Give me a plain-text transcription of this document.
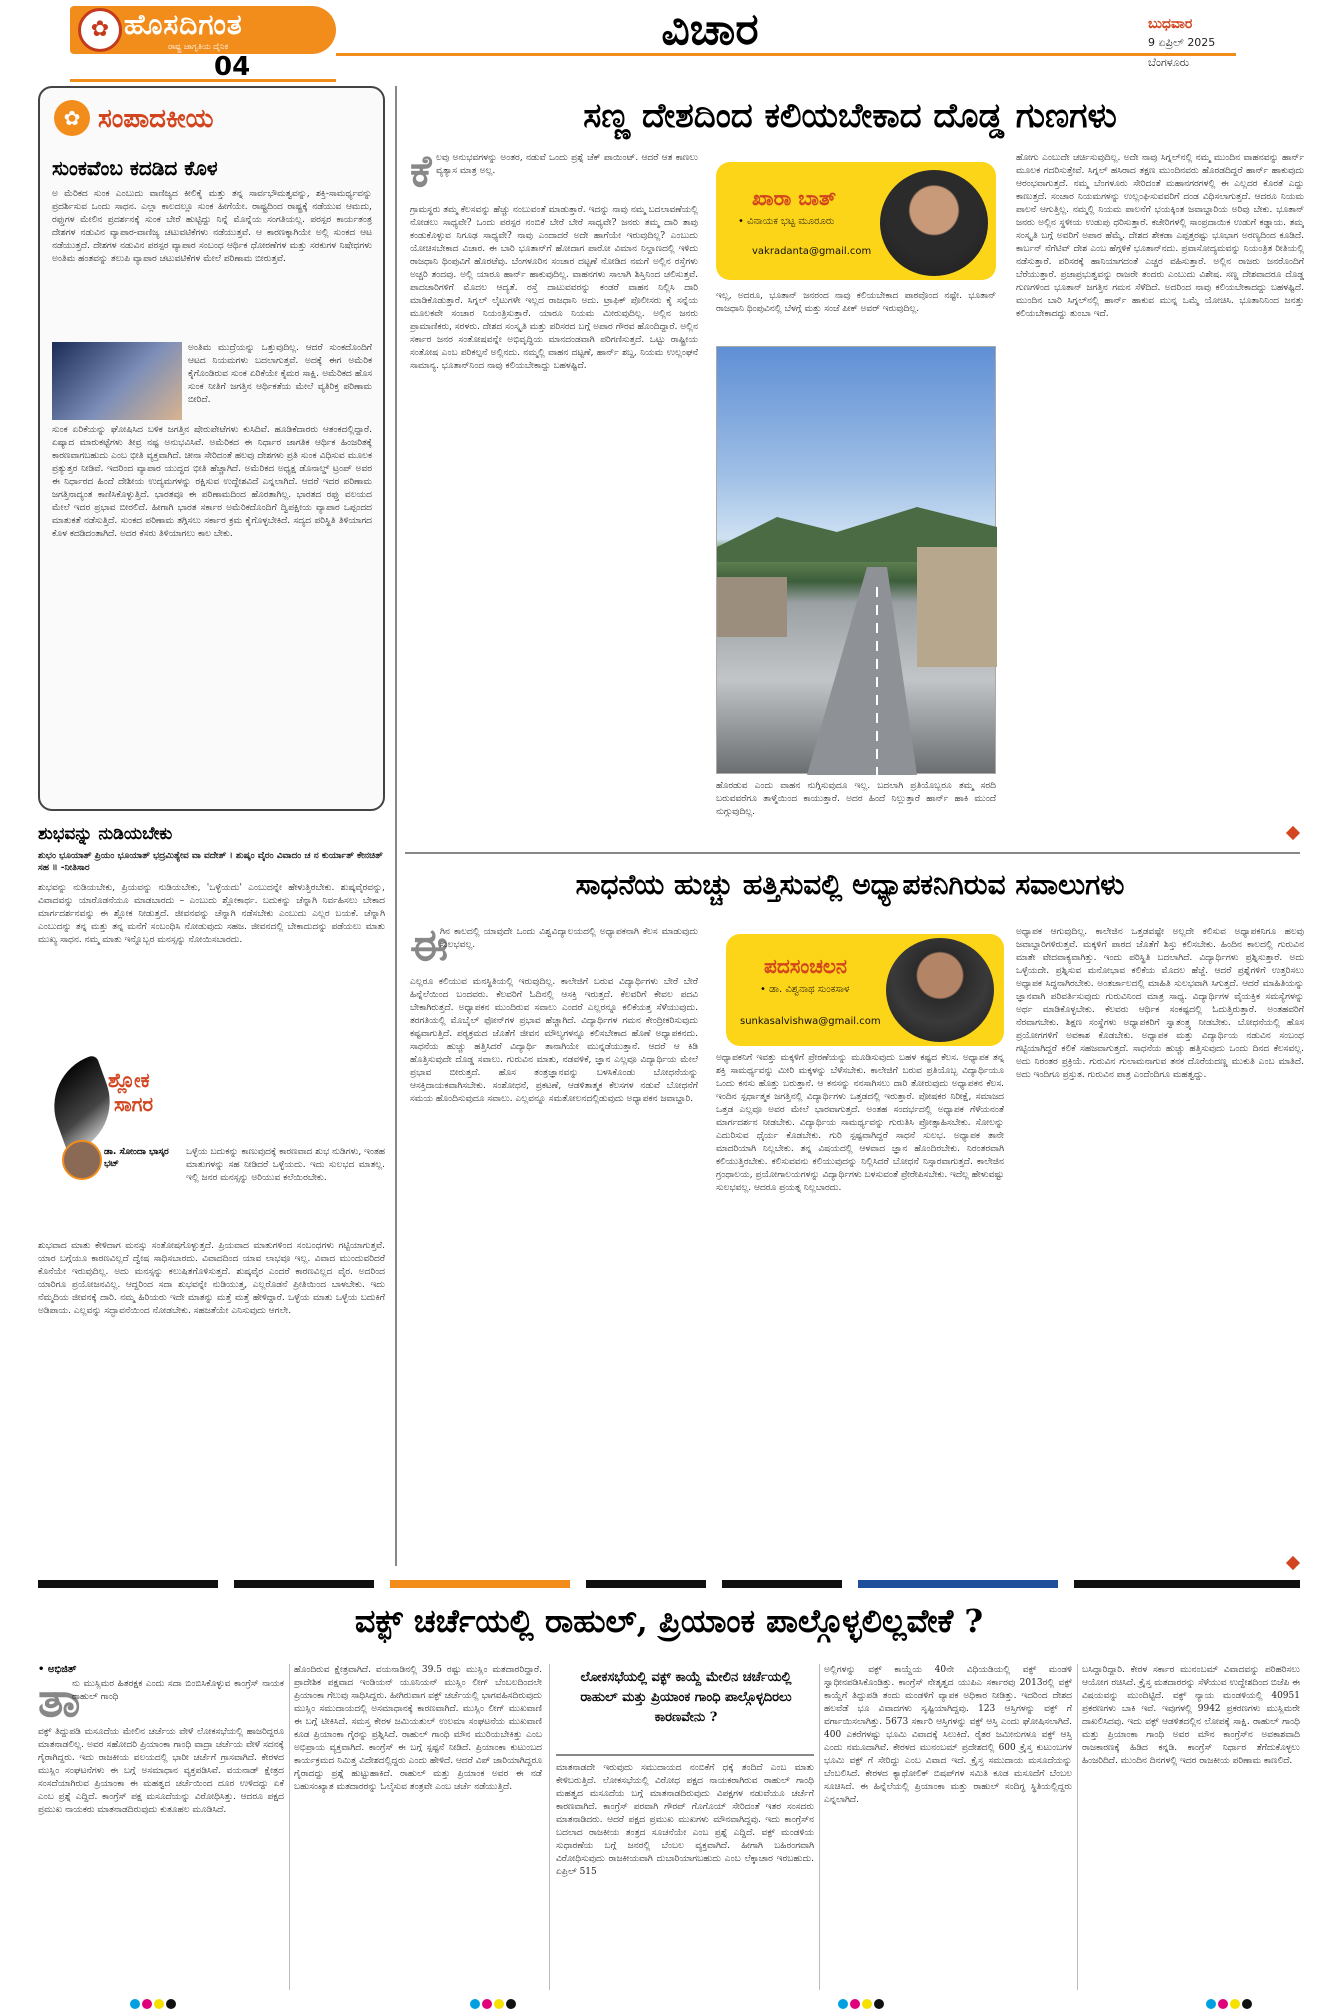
✿ ಹೊಸದಿಗಂತ
ರಾಷ್ಟ್ರ ಜಾಗೃತಿಯ ದೈನಿಕ
04
ವಿಚಾರ	ಬುಧವಾರ
9 ಏಪ್ರಿಲ್ 2025
ಬೆಂಗಳೂರು
✿ ಸಂಪಾದಕೀಯ
ಸುಂಕವೆಂಬ ಕದಡಿದ ಕೊಳ
ಅ ಮೆರಿಕದ ಸುಂಕ ಎಂಬುದು ವಾಣಿಜ್ಯದ ಕೀಲಿಕೈ ಮತ್ತು ತನ್ನ ಸಾರ್ವಭೌಮತ್ವವನ್ನು, ಶಕ್ತಿ-ಸಾಮರ್ಥ್ಯವನ್ನು ಪ್ರದರ್ಶಿಸುವ ಒಂದು ಸಾಧನ. ಎಲ್ಲಾ ಕಾಲದಲ್ಲೂ ಸುಂಕ ಹೀಗೆಯೇ. ರಾಷ್ಟ್ರದಿಂದ ರಾಷ್ಟ್ರಕ್ಕೆ ನಡೆಯುವ ಆಮದು, ರಫ್ತುಗಳ ಮೇಲಿನ ಪ್ರದರ್ಶನಕ್ಕೆ ಸುಂಕ ಬೇರೆ ಹುಟ್ಟಿದ್ದು ನಿನ್ನೆ ಮೊನ್ನೆಯ ಸಂಗತಿಯಲ್ಲ. ಪರಸ್ಪರ ಕಾರ್ಯತಂತ್ರ ದೇಶಗಳ ನಡುವಿನ ವ್ಯಾಪಾರ-ವಾಣಿಜ್ಯ ಚಟುವಟಿಕೆಗಳು ನಡೆಯುತ್ತವೆ. ಆ ಕಾರಣಕ್ಕಾಗಿಯೇ ಅಲ್ಲಿ ಸುಂಕದ ಆಟ ನಡೆಯುತ್ತದೆ. ದೇಶಗಳ ನಡುವಿನ ಪರಸ್ಪರ ವ್ಯಾಪಾರ ಸಂಬಂಧ ಆರ್ಥಿಕ ಧೋರಣೆಗಳ ಮತ್ತು ಸರಕುಗಳ ನಿಷೇಧಗಳು ಅಂತಿಮ ಹಂತವನ್ನು ತಲುಪಿ ವ್ಯಾಪಾರ ಚಟುವಟಿಕೆಗಳ ಮೇಲೆ ಪರಿಣಾಮ ಬೀರುತ್ತವೆ.
ಅಂತಿಮ ಮುದ್ರೆಯನ್ನು ಒತ್ತುವುದಿಲ್ಲ. ಆದರೆ ಸುಂಕದೊಂದಿಗೆ ಆಟದ ನಿಯಮಗಳು ಬದಲಾಗುತ್ತವೆ. ಅದಕ್ಕೆ ಈಗ ಅಮೆರಿಕ ಕೈಗೊಂಡಿರುವ ಸುಂಕ ಏರಿಕೆಯೇ ಕೈಮರ ಸಾಕ್ಷಿ. ಅಮೆರಿಕದ ಹೊಸ ಸುಂಕ ನೀತಿಗೆ ಜಗತ್ತಿನ ಆರ್ಥಿಕತೆಯ ಮೇಲೆ ವ್ಯತಿರಿಕ್ತ ಪರಿಣಾಮ ಬೀರಿದೆ.
ಸುಂಕ ಏರಿಕೆಯನ್ನು ಘೋಷಿಸಿದ ಬಳಿಕ ಜಗತ್ತಿನ ಷೇರುಪೇಟೆಗಳು ಕುಸಿದಿವೆ. ಹೂಡಿಕೆದಾರರು ಆತಂಕದಲ್ಲಿದ್ದಾರೆ. ಏಷ್ಯಾದ ಮಾರುಕಟ್ಟೆಗಳು ತೀವ್ರ ನಷ್ಟ ಅನುಭವಿಸಿವೆ. ಅಮೆರಿಕದ ಈ ನಿರ್ಧಾರ ಜಾಗತಿಕ ಆರ್ಥಿಕ ಹಿಂಜರಿತಕ್ಕೆ ಕಾರಣವಾಗಬಹುದು ಎಂಬ ಭೀತಿ ವ್ಯಕ್ತವಾಗಿದೆ. ಚೀನಾ ಸೇರಿದಂತೆ ಹಲವು ದೇಶಗಳು ಪ್ರತಿ ಸುಂಕ ವಿಧಿಸುವ ಮೂಲಕ ಪ್ರತ್ಯುತ್ತರ ನೀಡಿವೆ. ಇದರಿಂದ ವ್ಯಾಪಾರ ಯುದ್ಧದ ಭೀತಿ ಹೆಚ್ಚಾಗಿದೆ. ಅಮೆರಿಕದ ಅಧ್ಯಕ್ಷ ಡೊನಾಲ್ಡ್ ಟ್ರಂಪ್ ಅವರ ಈ ನಿರ್ಧಾರದ ಹಿಂದೆ ದೇಶೀಯ ಉದ್ಯಮಗಳನ್ನು ರಕ್ಷಿಸುವ ಉದ್ದೇಶವಿದೆ ಎನ್ನಲಾಗಿದೆ. ಆದರೆ ಇದರ ಪರಿಣಾಮ ಜಗತ್ತಿನಾದ್ಯಂತ ಕಾಣಿಸಿಕೊಳ್ಳುತ್ತಿದೆ. ಭಾರತವೂ ಈ ಪರಿಣಾಮದಿಂದ ಹೊರತಾಗಿಲ್ಲ. ಭಾರತದ ರಫ್ತು ವಲಯದ ಮೇಲೆ ಇದರ ಪ್ರಭಾವ ಬೀರಲಿದೆ. ಹೀಗಾಗಿ ಭಾರತ ಸರ್ಕಾರ ಅಮೆರಿಕದೊಂದಿಗೆ ದ್ವಿಪಕ್ಷೀಯ ವ್ಯಾಪಾರ ಒಪ್ಪಂದದ ಮಾತುಕತೆ ನಡೆಸುತ್ತಿದೆ. ಸುಂಕದ ಪರಿಣಾಮ ತಗ್ಗಿಸಲು ಸರ್ಕಾರ ಕ್ರಮ ಕೈಗೊಳ್ಳಬೇಕಿದೆ. ಸದ್ಯದ ಪರಿಸ್ಥಿತಿ ತಿಳಿಯಾಗದ ಕೊಳ ಕದಡಿದಂತಾಗಿದೆ. ಅದರ ಕೆಸರು ತಿಳಿಯಾಗಲು ಕಾಲ ಬೇಕು.
ಶುಭವನ್ನು ನುಡಿಯಬೇಕು
ಶುಭಂ ಭೂಯಾತ್ ಪ್ರಿಯಂ ಭೂಯಾತ್ ಭದ್ರಮಿತ್ಯೇವ ವಾ ವದೇತ್ । ಶುಷ್ಕಂ ವೈರಂ ವಿವಾದಂ ಚ ನ ಕುರ್ಯಾತ್ ಕೇನಚಿತ್ ಸಹ ॥ -ನೀತಿಸಾರ
ಶುಭವನ್ನು ನುಡಿಯಬೇಕು, ಪ್ರಿಯವನ್ನು ನುಡಿಯಬೇಕು, 'ಒಳ್ಳೆಯದು' ಎಂಬುದನ್ನೇ ಹೇಳುತ್ತಿರಬೇಕು. ಶುಷ್ಕವೈರವನ್ನು, ವಿವಾದವನ್ನು ಯಾರೊಡನೆಯೂ ಮಾಡಬಾರದು – ಎಂಬುದು ಶ್ಲೋಕಾರ್ಥ. ಬದುಕನ್ನು ಚೆನ್ನಾಗಿ ನಿರ್ವಹಿಸಲು ಬೇಕಾದ ಮಾರ್ಗದರ್ಶನವನ್ನು ಈ ಶ್ಲೋಕ ನೀಡುತ್ತದೆ. ಜೀವನವನ್ನು ಚೆನ್ನಾಗಿ ನಡೆಸಬೇಕು ಎಂಬುದು ಎಲ್ಲರ ಬಯಕೆ. ಚೆನ್ನಾಗಿ ಎಂಬುದನ್ನು ತನ್ನ ಮತ್ತು ತನ್ನ ಮನೆಗೆ ಸಂಬಂಧಿಸಿ ನೋಡುವುದು ಸಹಜ. ಜೀವನದಲ್ಲಿ ಬೇಕಾದುದನ್ನು ಪಡೆಯಲು ಮಾತು ಮುಖ್ಯ ಸಾಧನ. ನಮ್ಮ ಮಾತು ಇನ್ನೊಬ್ಬರ ಮನಸ್ಸನ್ನು ನೋಯಿಸಬಾರದು.
ಶ್ಲೋಕ
ಸಾಗರ
ಡಾ. ಸೋಂದಾ ಭಾಸ್ಕರ ಭಟ್
ಒಳ್ಳೆಯ ಬದುಕನ್ನು ಕಾಣುವುದಕ್ಕೆ ಕಾರಣವಾದ ಶುಭ ನುಡಿಗಳು, ಇಂತಹ ಮಾತುಗಳನ್ನು ಸಹ ನೀಡಿದರೆ ಒಳ್ಳೆಯದು. ಇದು ಸುಲಭದ ಮಾತಲ್ಲ. ಇಲ್ಲಿ ಜನರ ಮನಸ್ಸನ್ನು ಅರಿಯುವ ಕಲೆಯಿರಬೇಕು.
ಶುಭವಾದ ಮಾತು ಕೇಳಿದಾಗ ಮನಸ್ಸು ಸಂತೋಷಗೊಳ್ಳುತ್ತದೆ. ಪ್ರಿಯವಾದ ಮಾತುಗಳಿಂದ ಸಂಬಂಧಗಳು ಗಟ್ಟಿಯಾಗುತ್ತವೆ. ಯಾರ ಬಗ್ಗೆಯೂ ಕಾರಣವಿಲ್ಲದೆ ದ್ವೇಷ ಸಾಧಿಸಬಾರದು. ವಿವಾದದಿಂದ ಯಾವ ಲಾಭವೂ ಇಲ್ಲ. ವಿವಾದ ಮುಂದುವರಿದರೆ ಕೊನೆಯೇ ಇರುವುದಿಲ್ಲ. ಅದು ಮನಸ್ಸನ್ನು ಕಲುಷಿತಗೊಳಿಸುತ್ತದೆ. ಶುಷ್ಕವೈರ ಎಂದರೆ ಕಾರಣವಿಲ್ಲದ ವೈರ. ಅದರಿಂದ ಯಾರಿಗೂ ಪ್ರಯೋಜನವಿಲ್ಲ. ಆದ್ದರಿಂದ ಸದಾ ಶುಭವನ್ನೇ ನುಡಿಯುತ್ತ, ಎಲ್ಲರೊಡನೆ ಪ್ರೀತಿಯಿಂದ ಬಾಳಬೇಕು. ಇದು ನೆಮ್ಮದಿಯ ಜೀವನಕ್ಕೆ ದಾರಿ. ನಮ್ಮ ಹಿರಿಯರು ಇದೇ ಮಾತನ್ನು ಮತ್ತೆ ಮತ್ತೆ ಹೇಳಿದ್ದಾರೆ. ಒಳ್ಳೆಯ ಮಾತು ಒಳ್ಳೆಯ ಬದುಕಿಗೆ ಅಡಿಪಾಯ. ಎಲ್ಲವನ್ನು ಸದ್ಭಾವನೆಯಿಂದ ನೋಡಬೇಕು. ಸಹಜತೆಯೇ ಎನಿಸುವುದು ಆಗಲೇ.
ಸಣ್ಣ ದೇಶದಿಂದ ಕಲಿಯಬೇಕಾದ ದೊಡ್ಡ ಗುಣಗಳು
ಕೆ ಲವು ಅನುಭವಗಳನ್ನು ಅಂತರ, ನಡುವೆ ಒಂದು ಪ್ರಶ್ನೆ ಚೆಕ್ ಪಾಯಿಂಟ್. ಆದರೆ ಆತ ಕಾಣಲು ವ್ಯತ್ಯಾಸ ಮಾತ್ರ ಅಲ್ಲ.
ಗ್ರಾಮಸ್ಥರು ತಮ್ಮ ಕೆಲಸವನ್ನು ಹೆಚ್ಚು ನಂಬುವಂತೆ ಮಾಡುತ್ತಾರೆ. ಇದನ್ನು ನಾವು ನಮ್ಮ ಬದಲಾವಣೆಯಲ್ಲಿ ನೋಡಲು ಸಾಧ್ಯವೇ? ಒಂದು ಪರಸ್ಪರ ನಂಬಿಕೆ ಬೇರೆ ಬೇರೆ ಸಾಧ್ಯವೇ? ಜನರು ತಮ್ಮ ದಾರಿ ತಾವು ಕಂಡುಕೊಳ್ಳುವ ನಿಗೂಢ ಸಾಧ್ಯವೇ? ನಾವು ಎಂದಾದರೆ ಅದೇ ಹಾಗೆಯೇ ಇರುವುದಿಲ್ಲ? ಎಂಬುದು ಯೋಚಿಸಬೇಕಾದ ವಿಚಾರ. ಈ ಬಾರಿ ಭೂತಾನ್‌ಗೆ ಹೋದಾಗ ಪಾರೋ ವಿಮಾನ ನಿಲ್ದಾಣದಲ್ಲಿ ಇಳಿದು ರಾಜಧಾನಿ ಥಿಂಪುವಿಗೆ ಹೊರಟೆವು. ಬೆಂಗಳೂರಿನ ಸಂಚಾರ ದಟ್ಟಣೆ ನೋಡಿದ ನಮಗೆ ಅಲ್ಲಿನ ರಸ್ತೆಗಳು ಅಚ್ಚರಿ ತಂದವು. ಅಲ್ಲಿ ಯಾರೂ ಹಾರ್ನ್ ಹಾಕುವುದಿಲ್ಲ. ವಾಹನಗಳು ಸಾಲಾಗಿ ಶಿಸ್ತಿನಿಂದ ಚಲಿಸುತ್ತವೆ. ಪಾದಚಾರಿಗಳಿಗೆ ಮೊದಲ ಆದ್ಯತೆ. ರಸ್ತೆ ದಾಟುವವರನ್ನು ಕಂಡರೆ ವಾಹನ ನಿಲ್ಲಿಸಿ ದಾರಿ ಮಾಡಿಕೊಡುತ್ತಾರೆ. ಸಿಗ್ನಲ್ ಲೈಟುಗಳೇ ಇಲ್ಲದ ರಾಜಧಾನಿ ಅದು. ಟ್ರಾಫಿಕ್ ಪೊಲೀಸರು ಕೈ ಸನ್ನೆಯ ಮೂಲಕವೇ ಸಂಚಾರ ನಿಯಂತ್ರಿಸುತ್ತಾರೆ. ಯಾರೂ ನಿಯಮ ಮೀರುವುದಿಲ್ಲ. ಅಲ್ಲಿನ ಜನರು ಪ್ರಾಮಾಣಿಕರು, ಸರಳರು. ದೇಶದ ಸಂಸ್ಕೃತಿ ಮತ್ತು ಪರಿಸರದ ಬಗ್ಗೆ ಅಪಾರ ಗೌರವ ಹೊಂದಿದ್ದಾರೆ. ಅಲ್ಲಿನ ಸರ್ಕಾರ ಜನರ ಸಂತೋಷವನ್ನೇ ಅಭಿವೃದ್ಧಿಯ ಮಾನದಂಡವಾಗಿ ಪರಿಗಣಿಸುತ್ತದೆ. ಒಟ್ಟು ರಾಷ್ಟ್ರೀಯ ಸಂತೋಷ ಎಂಬ ಪರಿಕಲ್ಪನೆ ಅಲ್ಲಿನದು. ನಮ್ಮಲ್ಲಿ ವಾಹನ ದಟ್ಟಣೆ, ಹಾರ್ನ್ ಶಬ್ದ, ನಿಯಮ ಉಲ್ಲಂಘನೆ ಸಾಮಾನ್ಯ. ಭೂತಾನ್‌ನಿಂದ ನಾವು ಕಲಿಯಬೇಕಾದ್ದು ಬಹಳಷ್ಟಿದೆ.
ಖಾರಾ ಬಾತ್
• ವಿನಾಯಕ ಭಟ್ಟ ಮೂರೂರು
vakradanta@gmail.com
ಇಲ್ಲ, ಅದರೂ, ಭೂತಾನ್ ಜನರಂದ ನಾವು ಕಲಿಯಬೇಕಾದ ಪಾಠವೊಂದ ನಷ್ಟೇ. ಭೂತಾನ್ ರಾಜಧಾನಿ ಥಿಂಪುವಿನಲ್ಲಿ ಬೆಳಗ್ಗೆ ಮತ್ತು ಸಂಜೆ ಪೀಕ್ ಅವರ್ ಇರುವುದಿಲ್ಲ.
ಹೊರಡುವ ಎಂದು ವಾಹನ ನುಗ್ಗಿಸುವುದೂ ಇಲ್ಲ. ಬದಲಾಗಿ ಪ್ರತಿಯೊಬ್ಬರೂ ತಮ್ಮ ಸರದಿ ಬರುವವರೆಗೂ ತಾಳ್ಮೆಯಿಂದ ಕಾಯುತ್ತಾರೆ. ಅದರ ಹಿಂದೆ ನಿಲ್ಲುತ್ತಾರೆ ಹಾರ್ನ್ ಹಾಕಿ ಮುಂದೆ ನುಗ್ಗುವುದಿಲ್ಲ.
ಹೋಗು ಎಂಬುದೇ ಚರ್ಚಿಸುವುದಿಲ್ಲ. ಅದೇ ನಾವು ಸಿಗ್ನಲ್‌ನಲ್ಲಿ ನಮ್ಮ ಮುಂದಿನ ವಾಹನವನ್ನು ಹಾರ್ನ್ ಮೂಲಕ ಗದರಿಸುತ್ತೇವೆ. ಸಿಗ್ನಲ್ ಹಸಿರಾದ ತಕ್ಷಣ ಮುಂದಿನವರು ಹೊರಡದಿದ್ದರೆ ಹಾರ್ನ್ ಹಾಕುವುದು ಆರಂಭವಾಗುತ್ತದೆ. ನಮ್ಮ ಬೆಂಗಳೂರು ಸೇರಿದಂತೆ ಮಹಾನಗರಗಳಲ್ಲಿ ಈ ಎಲ್ಲದರ ಕೊರತೆ ಎದ್ದು ಕಾಣುತ್ತದೆ. ಸಂಚಾರ ನಿಯಮಗಳನ್ನು ಉಲ್ಲಂಘಿಸುವವರಿಗೆ ದಂಡ ವಿಧಿಸಲಾಗುತ್ತದೆ. ಆದರೂ ನಿಯಮ ಪಾಲನೆ ಆಗುತ್ತಿಲ್ಲ. ನಮ್ಮಲ್ಲಿ ನಿಯಮ ಪಾಲನೆಗೆ ಭಯಕ್ಕಿಂತ ಜವಾಬ್ದಾರಿಯ ಅರಿವು ಬೇಕು. ಭೂತಾನ್ ಜನರು ಅಲ್ಲಿನ ಸ್ಥಳೀಯ ಉಡುಪು ಧರಿಸುತ್ತಾರೆ. ಕಚೇರಿಗಳಲ್ಲಿ ಸಾಂಪ್ರದಾಯಿಕ ಉಡುಗೆ ಕಡ್ಡಾಯ. ತಮ್ಮ ಸಂಸ್ಕೃತಿ ಬಗ್ಗೆ ಅವರಿಗೆ ಅಪಾರ ಹೆಮ್ಮೆ. ದೇಶದ ಶೇಕಡಾ ಎಪ್ಪತ್ತರಷ್ಟು ಭೂಭಾಗ ಅರಣ್ಯದಿಂದ ಕೂಡಿದೆ. ಕಾರ್ಬನ್ ನೆಗೆಟಿವ್ ದೇಶ ಎಂಬ ಹೆಗ್ಗಳಿಕೆ ಭೂತಾನ್‌ನದು. ಪ್ರವಾಸೋದ್ಯಮವನ್ನು ನಿಯಂತ್ರಿತ ರೀತಿಯಲ್ಲಿ ನಡೆಸುತ್ತಾರೆ. ಪರಿಸರಕ್ಕೆ ಹಾನಿಯಾಗದಂತೆ ಎಚ್ಚರ ವಹಿಸುತ್ತಾರೆ. ಅಲ್ಲಿನ ರಾಜರು ಜನರೊಂದಿಗೆ ಬೆರೆಯುತ್ತಾರೆ. ಪ್ರಜಾಪ್ರಭುತ್ವವನ್ನು ರಾಜರೇ ತಂದರು ಎಂಬುದು ವಿಶೇಷ. ಸಣ್ಣ ದೇಶವಾದರೂ ದೊಡ್ಡ ಗುಣಗಳಿಂದ ಭೂತಾನ್ ಜಗತ್ತಿನ ಗಮನ ಸೆಳೆದಿದೆ. ಅದರಿಂದ ನಾವು ಕಲಿಯಬೇಕಾದದ್ದು ಬಹಳಷ್ಟಿದೆ. ಮುಂದಿನ ಬಾರಿ ಸಿಗ್ನಲ್‌ನಲ್ಲಿ ಹಾರ್ನ್ ಹಾಕುವ ಮುನ್ನ ಒಮ್ಮೆ ಯೋಚಿಸಿ. ಭೂತಾನಿನಿಂದ ಜನತ್ತು ಕಲಿಯಬೇಕಾದದ್ದು ತುಂಬಾ ಇದೆ.
ಸಾಧನೆಯ ಹುಚ್ಚು ಹತ್ತಿಸುವಲ್ಲಿ ಅಧ್ಯಾಪಕನಿಗಿರುವ ಸವಾಲುಗಳು
ಈ
ಗಿನ ಕಾಲದಲ್ಲಿ ಯಾವುದೇ ಒಂದು ವಿಶ್ವವಿದ್ಯಾಲಯದಲ್ಲಿ ಅಧ್ಯಾಪಕನಾಗಿ ಕೆಲಸ ಮಾಡುವುದು ಸುಲಭವಲ್ಲ.
ಎಲ್ಲರೂ ಕಲಿಯುವ ಮನಸ್ಥಿತಿಯಲ್ಲಿ ಇರುವುದಿಲ್ಲ. ಕಾಲೇಜಿಗೆ ಬರುವ ವಿದ್ಯಾರ್ಥಿಗಳು ಬೇರೆ ಬೇರೆ ಹಿನ್ನೆಲೆಯಿಂದ ಬಂದವರು. ಕೆಲವರಿಗೆ ಓದಿನಲ್ಲಿ ಆಸಕ್ತಿ ಇರುತ್ತದೆ. ಕೆಲವರಿಗೆ ಕೇವಲ ಪದವಿ ಬೇಕಾಗಿರುತ್ತದೆ. ಅಧ್ಯಾಪಕನ ಮುಂದಿರುವ ಸವಾಲು ಎಂದರೆ ಎಲ್ಲರನ್ನೂ ಕಲಿಕೆಯತ್ತ ಸೆಳೆಯುವುದು. ತರಗತಿಯಲ್ಲಿ ಮೊಬೈಲ್ ಫೋನ್‌ಗಳ ಪ್ರಭಾವ ಹೆಚ್ಚಾಗಿದೆ. ವಿದ್ಯಾರ್ಥಿಗಳ ಗಮನ ಕೇಂದ್ರೀಕರಿಸುವುದು ಕಷ್ಟವಾಗುತ್ತಿದೆ. ಪಠ್ಯಕ್ರಮದ ಜೊತೆಗೆ ಜೀವನ ಮೌಲ್ಯಗಳನ್ನೂ ಕಲಿಸಬೇಕಾದ ಹೊಣೆ ಅಧ್ಯಾಪಕನದು. ಸಾಧನೆಯ ಹುಚ್ಚು ಹತ್ತಿಸಿದರೆ ವಿದ್ಯಾರ್ಥಿ ತಾನಾಗಿಯೇ ಮುನ್ನಡೆಯುತ್ತಾನೆ. ಆದರೆ ಆ ಕಿಡಿ ಹೊತ್ತಿಸುವುದೇ ದೊಡ್ಡ ಸವಾಲು. ಗುರುವಿನ ಮಾತು, ನಡವಳಿಕೆ, ಜ್ಞಾನ ಎಲ್ಲವೂ ವಿದ್ಯಾರ್ಥಿಯ ಮೇಲೆ ಪ್ರಭಾವ ಬೀರುತ್ತದೆ. ಹೊಸ ತಂತ್ರಜ್ಞಾನವನ್ನು ಬಳಸಿಕೊಂಡು ಬೋಧನೆಯನ್ನು ಆಸಕ್ತಿದಾಯಕವಾಗಿಸಬೇಕು. ಸಂಶೋಧನೆ, ಪ್ರಕಟಣೆ, ಆಡಳಿತಾತ್ಮಕ ಕೆಲಸಗಳ ನಡುವೆ ಬೋಧನೆಗೆ ಸಮಯ ಹೊಂದಿಸುವುದೂ ಸವಾಲು. ಎಲ್ಲವನ್ನೂ ಸಮತೋಲನದಲ್ಲಿಡುವುದು ಅಧ್ಯಾಪಕನ ಜವಾಬ್ದಾರಿ.
ಪದಸಂಚಲನ
• ಡಾ. ವಿಶ್ವನಾಥ ಸುಂಕಸಾಳ
sunkasalvishwa@gmail.com
ಅಧ್ಯಾಪಕನಿಗೆ ಇವತ್ತು ಮಕ್ಕಳಿಗೆ ಪ್ರೇರಣೆಯನ್ನು ಮೂಡಿಸುವುದು ಬಹಳ ಕಷ್ಟದ ಕೆಲಸ. ಅಧ್ಯಾಪಕ ತನ್ನ ಶಕ್ತಿ ಸಾಮರ್ಥ್ಯವನ್ನು ಮೀರಿ ಮಕ್ಕಳನ್ನು ಬೆಳೆಸಬೇಕು. ಕಾಲೇಜಿಗೆ ಬರುವ ಪ್ರತಿಯೊಬ್ಬ ವಿದ್ಯಾರ್ಥಿಯೂ ಒಂದು ಕನಸು ಹೊತ್ತು ಬರುತ್ತಾನೆ. ಆ ಕನಸನ್ನು ನನಸಾಗಿಸಲು ದಾರಿ ತೋರುವುದು ಅಧ್ಯಾಪಕನ ಕೆಲಸ. ಇಂದಿನ ಸ್ಪರ್ಧಾತ್ಮಕ ಜಗತ್ತಿನಲ್ಲಿ ವಿದ್ಯಾರ್ಥಿಗಳು ಒತ್ತಡದಲ್ಲಿ ಇರುತ್ತಾರೆ. ಪೋಷಕರ ನಿರೀಕ್ಷೆ, ಸಮಾಜದ ಒತ್ತಡ ಎಲ್ಲವೂ ಅವರ ಮೇಲೆ ಭಾರವಾಗುತ್ತದೆ. ಅಂತಹ ಸಂದರ್ಭದಲ್ಲಿ ಅಧ್ಯಾಪಕ ಗೆಳೆಯನಂತೆ ಮಾರ್ಗದರ್ಶನ ನೀಡಬೇಕು. ವಿದ್ಯಾರ್ಥಿಯ ಸಾಮರ್ಥ್ಯವನ್ನು ಗುರುತಿಸಿ ಪ್ರೋತ್ಸಾಹಿಸಬೇಕು. ಸೋಲನ್ನು ಎದುರಿಸುವ ಧೈರ್ಯ ಕೊಡಬೇಕು. ಗುರಿ ಸ್ಪಷ್ಟವಾಗಿದ್ದರೆ ಸಾಧನೆ ಸುಲಭ. ಅಧ್ಯಾಪಕ ತಾನೇ ಮಾದರಿಯಾಗಿ ನಿಲ್ಲಬೇಕು. ತನ್ನ ವಿಷಯದಲ್ಲಿ ಆಳವಾದ ಜ್ಞಾನ ಹೊಂದಿರಬೇಕು. ನಿರಂತರವಾಗಿ ಕಲಿಯುತ್ತಿರಬೇಕು. ಕಲಿಸುವವನು ಕಲಿಯುವುದನ್ನು ನಿಲ್ಲಿಸಿದರೆ ಬೋಧನೆ ನಿಸ್ಸಾರವಾಗುತ್ತದೆ. ಕಾಲೇಜಿನ ಗ್ರಂಥಾಲಯ, ಪ್ರಯೋಗಾಲಯಗಳನ್ನು ವಿದ್ಯಾರ್ಥಿಗಳು ಬಳಸುವಂತೆ ಪ್ರೇರೇಪಿಸಬೇಕು. ಇದೆಲ್ಲ ಹೇಳುವಷ್ಟು ಸುಲಭವಲ್ಲ. ಆದರೂ ಪ್ರಯತ್ನ ನಿಲ್ಲಬಾರದು.
ಅಧ್ಯಾಪಕ ಆಗುವುದಿಲ್ಲ. ಕಾಲೇಜಿನ ಒತ್ತಡವಷ್ಟೇ ಅಲ್ಲದೇ ಕಲಿಸುವ ಅಧ್ಯಾಪಕನಿಗೂ ಹಲವು ಜವಾಬ್ದಾರಿಗಳಿರುತ್ತವೆ. ಮಕ್ಕಳಿಗೆ ಪಾಠದ ಜೊತೆಗೆ ಶಿಸ್ತು ಕಲಿಸಬೇಕು. ಹಿಂದಿನ ಕಾಲದಲ್ಲಿ ಗುರುವಿನ ಮಾತೇ ವೇದವಾಕ್ಯವಾಗಿತ್ತು. ಇಂದು ಪರಿಸ್ಥಿತಿ ಬದಲಾಗಿದೆ. ವಿದ್ಯಾರ್ಥಿಗಳು ಪ್ರಶ್ನಿಸುತ್ತಾರೆ. ಅದು ಒಳ್ಳೆಯದೇ. ಪ್ರಶ್ನಿಸುವ ಮನೋಭಾವ ಕಲಿಕೆಯ ಮೊದಲ ಹೆಜ್ಜೆ. ಆದರೆ ಪ್ರಶ್ನೆಗಳಿಗೆ ಉತ್ತರಿಸಲು ಅಧ್ಯಾಪಕ ಸಿದ್ಧನಾಗಿರಬೇಕು. ಅಂತರ್ಜಾಲದಲ್ಲಿ ಮಾಹಿತಿ ಸುಲಭವಾಗಿ ಸಿಗುತ್ತದೆ. ಆದರೆ ಮಾಹಿತಿಯನ್ನು ಜ್ಞಾನವಾಗಿ ಪರಿವರ್ತಿಸುವುದು ಗುರುವಿನಿಂದ ಮಾತ್ರ ಸಾಧ್ಯ. ವಿದ್ಯಾರ್ಥಿಗಳ ವೈಯಕ್ತಿಕ ಸಮಸ್ಯೆಗಳನ್ನು ಅರ್ಥ ಮಾಡಿಕೊಳ್ಳಬೇಕು. ಕೆಲವರು ಆರ್ಥಿಕ ಸಂಕಷ್ಟದಲ್ಲಿ ಓದುತ್ತಿರುತ್ತಾರೆ. ಅಂತಹವರಿಗೆ ನೆರವಾಗಬೇಕು. ಶಿಕ್ಷಣ ಸಂಸ್ಥೆಗಳು ಅಧ್ಯಾಪಕರಿಗೆ ಸ್ವಾತಂತ್ರ್ಯ ನೀಡಬೇಕು. ಬೋಧನೆಯಲ್ಲಿ ಹೊಸ ಪ್ರಯೋಗಗಳಿಗೆ ಅವಕಾಶ ಕೊಡಬೇಕು. ಅಧ್ಯಾಪಕ ಮತ್ತು ವಿದ್ಯಾರ್ಥಿಯ ನಡುವಿನ ಸಂಬಂಧ ಗಟ್ಟಿಯಾಗಿದ್ದರೆ ಕಲಿಕೆ ಸಹಜವಾಗುತ್ತದೆ. ಸಾಧನೆಯ ಹುಚ್ಚು ಹತ್ತಿಸುವುದು ಒಂದು ದಿನದ ಕೆಲಸವಲ್ಲ. ಅದು ನಿರಂತರ ಪ್ರಕ್ರಿಯೆ. ಗುರುವಿನ ಗುಲಾಮನಾಗುವ ತನಕ ದೊರೆಯದಣ್ಣ ಮುಕುತಿ ಎಂಬ ಮಾತಿದೆ. ಅದು ಇಂದಿಗೂ ಪ್ರಸ್ತುತ. ಗುರುವಿನ ಪಾತ್ರ ಎಂದೆಂದಿಗೂ ಮಹತ್ವದ್ದು.
ವಕ್ಫ್ ಚರ್ಚೆಯಲ್ಲಿ ರಾಹುಲ್, ಪ್ರಿಯಾಂಕ ಪಾಲ್ಗೊಳ್ಳಲಿಲ್ಲವೇಕೆ ?
• ಅಭಿಜಿತ್
ತಾ
ನು ಮುಸ್ಲಿಮರ ಹಿತರಕ್ಷಕ ಎಂದು ಸದಾ ಬಿಂಬಿಸಿಕೊಳ್ಳುವ ಕಾಂಗ್ರೆಸ್ ನಾಯಕ ರಾಹುಲ್ ಗಾಂಧಿ
ವಕ್ಫ್ ತಿದ್ದುಪಡಿ ಮಸೂದೆಯ ಮೇಲಿನ ಚರ್ಚೆಯ ವೇಳೆ ಲೋಕಸಭೆಯಲ್ಲಿ ಹಾಜರಿದ್ದರೂ ಮಾತನಾಡಲಿಲ್ಲ. ಅವರ ಸಹೋದರಿ ಪ್ರಿಯಾಂಕಾ ಗಾಂಧಿ ವಾದ್ರಾ ಚರ್ಚೆಯ ವೇಳೆ ಸದನಕ್ಕೆ ಗೈರಾಗಿದ್ದರು. ಇದು ರಾಜಕೀಯ ವಲಯದಲ್ಲಿ ಭಾರೀ ಚರ್ಚೆಗೆ ಗ್ರಾಸವಾಗಿದೆ. ಕೇರಳದ ಮುಸ್ಲಿಂ ಸಂಘಟನೆಗಳು ಈ ಬಗ್ಗೆ ಅಸಮಾಧಾನ ವ್ಯಕ್ತಪಡಿಸಿವೆ. ವಯನಾಡ್ ಕ್ಷೇತ್ರದ ಸಂಸದೆಯಾಗಿರುವ ಪ್ರಿಯಾಂಕಾ ಈ ಮಹತ್ವದ ಚರ್ಚೆಯಿಂದ ದೂರ ಉಳಿದದ್ದು ಏಕೆ ಎಂಬ ಪ್ರಶ್ನೆ ಎದ್ದಿದೆ. ಕಾಂಗ್ರೆಸ್ ಪಕ್ಷ ಮಸೂದೆಯನ್ನು ವಿರೋಧಿಸಿತ್ತು. ಆದರೂ ಪಕ್ಷದ ಪ್ರಮುಖ ನಾಯಕರು ಮಾತನಾಡದಿರುವುದು ಕುತೂಹಲ ಮೂಡಿಸಿದೆ.
ಹೊಂದಿರುವ ಕ್ಷೇತ್ರವಾಗಿದೆ. ವಯನಾಡಿನಲ್ಲಿ 39.5 ರಷ್ಟು ಮುಸ್ಲಿಂ ಮತದಾರರಿದ್ದಾರೆ. ಪ್ರಾದೇಶಿಕ ಪಕ್ಷವಾದ ಇಂಡಿಯನ್ ಯೂನಿಯನ್ ಮುಸ್ಲಿಂ ಲೀಗ್ ಬೆಂಬಲದಿಂದಲೇ ಪ್ರಿಯಾಂಕಾ ಗೆಲುವು ಸಾಧಿಸಿದ್ದರು. ಹೀಗಿರುವಾಗ ವಕ್ಫ್ ಚರ್ಚೆಯಲ್ಲಿ ಭಾಗವಹಿಸದಿರುವುದು ಮುಸ್ಲಿಂ ಸಮುದಾಯದಲ್ಲಿ ಅಸಮಾಧಾನಕ್ಕೆ ಕಾರಣವಾಗಿದೆ. ಮುಸ್ಲಿಂ ಲೀಗ್ ಮುಖವಾಣಿ ಈ ಬಗ್ಗೆ ಟೀಕಿಸಿದೆ. ಸಮಸ್ತ ಕೇರಳ ಜಮಿಯತುಲ್ ಉಲಮಾ ಸಂಘಟನೆಯ ಮುಖವಾಣಿ ಕೂಡ ಪ್ರಿಯಾಂಕಾ ಗೈರನ್ನು ಪ್ರಶ್ನಿಸಿದೆ. ರಾಹುಲ್ ಗಾಂಧಿ ಮೌನ ಮುರಿಯಬೇಕಿತ್ತು ಎಂಬ ಅಭಿಪ್ರಾಯ ವ್ಯಕ್ತವಾಗಿದೆ. ಕಾಂಗ್ರೆಸ್ ಈ ಬಗ್ಗೆ ಸ್ಪಷ್ಟನೆ ನೀಡಿದೆ. ಪ್ರಿಯಾಂಕಾ ಕುಟುಂಬದ ಕಾರ್ಯಕ್ರಮದ ನಿಮಿತ್ತ ವಿದೇಶದಲ್ಲಿದ್ದರು ಎಂದು ಹೇಳಿದೆ. ಆದರೆ ವಿಪ್ ಜಾರಿಯಾಗಿದ್ದರೂ ಗೈರಾದದ್ದು ಪ್ರಶ್ನೆ ಹುಟ್ಟುಹಾಕಿದೆ. ರಾಹುಲ್ ಮತ್ತು ಪ್ರಿಯಾಂಕ ಅವರ ಈ ನಡೆ ಬಹುಸಂಖ್ಯಾತ ಮತದಾರರನ್ನು ಓಲೈಸುವ ತಂತ್ರವೇ ಎಂಬ ಚರ್ಚೆ ನಡೆಯುತ್ತಿದೆ.
ಲೋಕಸಭೆಯಲ್ಲಿ ವಕ್ಫ್ ಕಾಯ್ದೆ ಮೇಲಿನ ಚರ್ಚೆಯಲ್ಲಿ ರಾಹುಲ್ ಮತ್ತು ಪ್ರಿಯಾಂಕ ಗಾಂಧಿ ಪಾಲ್ಗೊಳ್ಳದಿರಲು ಕಾರಣವೇನು ?
ಮಾತನಾಡದೇ ಇರುವುದು ಸಮುದಾಯದ ನಂಬಿಕೆಗೆ ಧಕ್ಕೆ ತಂದಿದೆ ಎಂಬ ಮಾತು ಕೇಳಿಬರುತ್ತಿದೆ. ಲೋಕಸಭೆಯಲ್ಲಿ ವಿರೋಧ ಪಕ್ಷದ ನಾಯಕರಾಗಿರುವ ರಾಹುಲ್ ಗಾಂಧಿ ಮಹತ್ವದ ಮಸೂದೆಯ ಬಗ್ಗೆ ಮಾತನಾಡದಿರುವುದು ವಿಪಕ್ಷಗಳ ನಡುವೆಯೂ ಚರ್ಚೆಗೆ ಕಾರಣವಾಗಿದೆ. ಕಾಂಗ್ರೆಸ್ ಪರವಾಗಿ ಗೌರವ್ ಗೊಗೊಯ್ ಸೇರಿದಂತೆ ಇತರ ಸಂಸದರು ಮಾತನಾಡಿದರು. ಆದರೆ ಪಕ್ಷದ ಪ್ರಮುಖ ಮುಖಗಳು ಮೌನವಾಗಿದ್ದವು. ಇದು ಕಾಂಗ್ರೆಸ್‌ನ ಬದಲಾದ ರಾಜಕೀಯ ತಂತ್ರದ ಸೂಚನೆಯೇ ಎಂಬ ಪ್ರಶ್ನೆ ಎದ್ದಿದೆ. ವಕ್ಫ್ ಮಂಡಳಿಯ ಸುಧಾರಣೆಯ ಬಗ್ಗೆ ಜನರಲ್ಲಿ ಬೆಂಬಲ ವ್ಯಕ್ತವಾಗಿದೆ. ಹೀಗಾಗಿ ಬಹಿರಂಗವಾಗಿ ವಿರೋಧಿಸುವುದು ರಾಜಕೀಯವಾಗಿ ದುಬಾರಿಯಾಗಬಹುದು ಎಂಬ ಲೆಕ್ಕಾಚಾರ ಇರಬಹುದು. ಏಪ್ರಿಲ್ 515
ಅಲ್ಲಿಗಳನ್ನು ವಕ್ಫ್ ಕಾಯ್ದೆಯ 40ನೇ ವಿಧಿಯಡಿಯಲ್ಲಿ ವಕ್ಫ್ ಮಂಡಳಿ ಸ್ವಾಧೀನಪಡಿಸಿಕೊಂಡಿತ್ತು. ಕಾಂಗ್ರೆಸ್ ನೇತೃತ್ವದ ಯುಪಿಎ ಸರ್ಕಾರವು 2013ರಲ್ಲಿ ವಕ್ಫ್ ಕಾಯ್ದೆಗೆ ತಿದ್ದುಪಡಿ ತಂದು ಮಂಡಳಿಗೆ ವ್ಯಾಪಕ ಅಧಿಕಾರ ನೀಡಿತ್ತು. ಇದರಿಂದ ದೇಶದ ಹಲವೆಡೆ ಭೂ ವಿವಾದಗಳು ಸೃಷ್ಟಿಯಾಗಿದ್ದವು. 123 ಆಸ್ತಿಗಳನ್ನು ವಕ್ಫ್ ಗೆ ವರ್ಗಾಯಿಸಲಾಗಿತ್ತು. 5673 ಸರ್ಕಾರಿ ಆಸ್ತಿಗಳನ್ನು ವಕ್ಫ್ ಆಸ್ತಿ ಎಂದು ಘೋಷಿಸಲಾಗಿದೆ. 400 ಎಕರೆಗಳಷ್ಟು ಭೂಮಿ ವಿವಾದಕ್ಕೆ ಸಿಲುಕಿದೆ. ರೈತರ ಜಮೀನುಗಳೂ ವಕ್ಫ್ ಆಸ್ತಿ ಎಂದು ನಮೂದಾಗಿವೆ. ಕೇರಳದ ಮುನಂಬಮ್ ಪ್ರದೇಶದಲ್ಲಿ 600 ಕ್ರೈಸ್ತ ಕುಟುಂಬಗಳ ಭೂಮಿ ವಕ್ಫ್ ಗೆ ಸೇರಿದ್ದು ಎಂಬ ವಿವಾದ ಇದೆ. ಕ್ರೈಸ್ತ ಸಮುದಾಯ ಮಸೂದೆಯನ್ನು ಬೆಂಬಲಿಸಿದೆ. ಕೇರಳದ ಕ್ಯಾಥೋಲಿಕ್ ಬಿಷಪ್‌ಗಳ ಸಮಿತಿ ಕೂಡ ಮಸೂದೆಗೆ ಬೆಂಬಲ ಸೂಚಿಸಿದೆ. ಈ ಹಿನ್ನೆಲೆಯಲ್ಲಿ ಪ್ರಿಯಾಂಕಾ ಮತ್ತು ರಾಹುಲ್ ಸಂದಿಗ್ಧ ಸ್ಥಿತಿಯಲ್ಲಿದ್ದರು ಎನ್ನಲಾಗಿದೆ.
ಬಸಿದ್ದಾರಿದ್ದಾರಿ. ಕೇರಳ ಸರ್ಕಾರ ಮುನಂಬಮ್ ವಿವಾದವನ್ನು ಪರಿಹರಿಸಲು ಆಯೋಗ ರಚಿಸಿದೆ. ಕ್ರೈಸ್ತ ಮತದಾರರನ್ನು ಸೆಳೆಯುವ ಉದ್ದೇಶದಿಂದ ಬಿಜೆಪಿ ಈ ವಿಷಯವನ್ನು ಮುಂದಿಟ್ಟಿದೆ. ವಕ್ಫ್ ನ್ಯಾಯ ಮಂಡಳಿಯಲ್ಲಿ 40951 ಪ್ರಕರಣಗಳು ಬಾಕಿ ಇವೆ. ಇವುಗಳಲ್ಲಿ 9942 ಪ್ರಕರಣಗಳು ಮುಸ್ಲಿಮರೇ ದಾಖಲಿಸಿದವು. ಇದು ವಕ್ಫ್ ಆಡಳಿತದಲ್ಲಿನ ಲೋಪಕ್ಕೆ ಸಾಕ್ಷಿ. ರಾಹುಲ್ ಗಾಂಧಿ ಮತ್ತು ಪ್ರಿಯಾಂಕಾ ಗಾಂಧಿ ಅವರ ಮೌನ ಕಾಂಗ್ರೆಸ್‌ನ ಅವಕಾಶವಾದಿ ರಾಜಕಾರಣಕ್ಕೆ ಹಿಡಿದ ಕನ್ನಡಿ. ಕಾಂಗ್ರೆಸ್ ನಿರ್ಧಾರ ತೆಗೆದುಕೊಳ್ಳಲು ಹಿಂಜರಿದಿದೆ. ಮುಂದಿನ ದಿನಗಳಲ್ಲಿ ಇದರ ರಾಜಕೀಯ ಪರಿಣಾಮ ಕಾಣಲಿದೆ.
